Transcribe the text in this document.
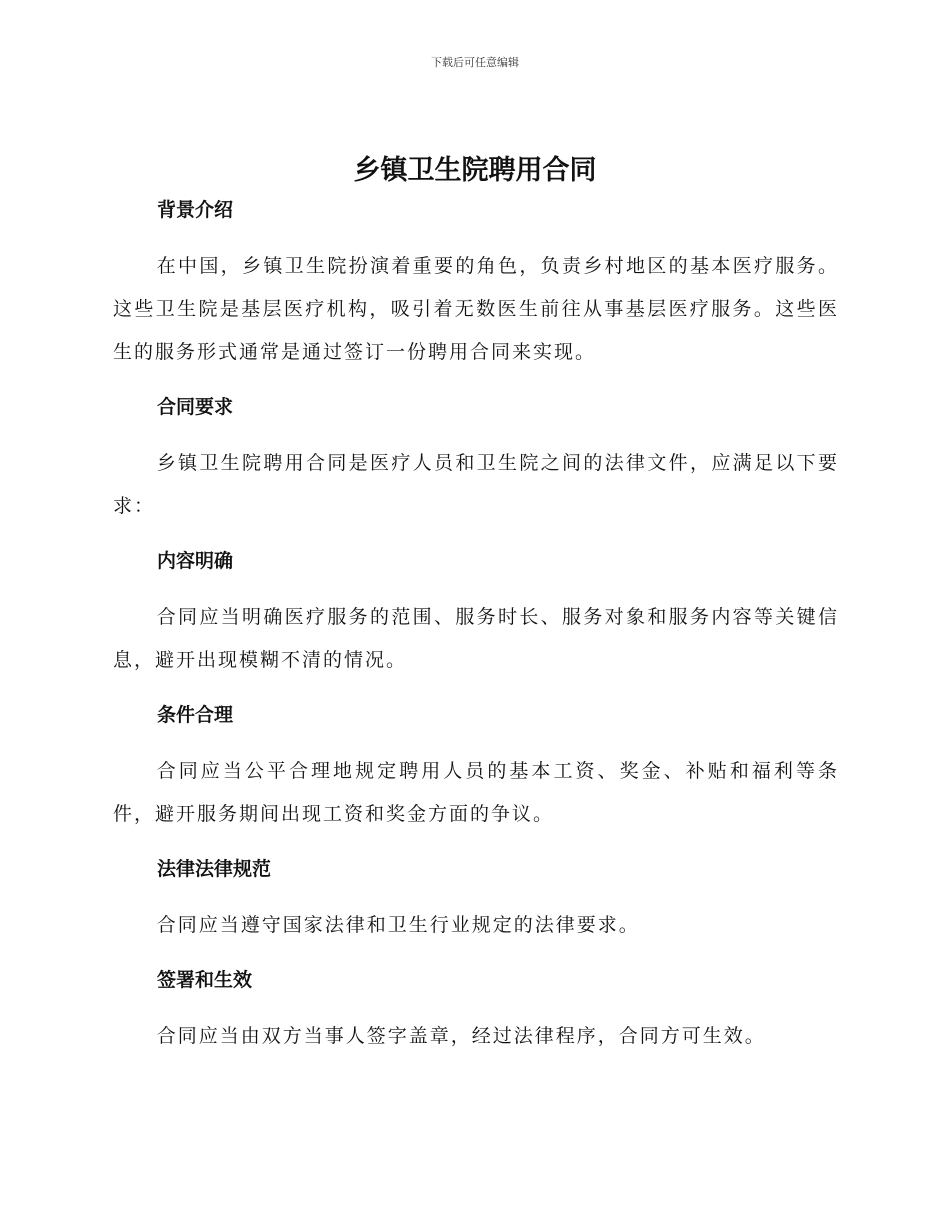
下载后可任意编辑
乡镇卫生院聘用合同
背景介绍

在中国，乡镇卫生院扮演着重要的角色，负责乡村地区的基本医疗服务。这些卫生院是基层医疗机构，吸引着无数医生前往从事基层医疗服务。这些医生的服务形式通常是通过签订一份聘用合同来实现。

合同要求

乡镇卫生院聘用合同是医疗人员和卫生院之间的法律文件，应满足以下要求：

内容明确

合同应当明确医疗服务的范围、服务时长、服务对象和服务内容等关键信息，避开出现模糊不清的情况。

条件合理

合同应当公平合理地规定聘用人员的基本工资、奖金、补贴和福利等条件，避开服务期间出现工资和奖金方面的争议。

法律法律规范

合同应当遵守国家法律和卫生行业规定的法律要求。

签署和生效

合同应当由双方当事人签字盖章，经过法律程序，合同方可生效。
